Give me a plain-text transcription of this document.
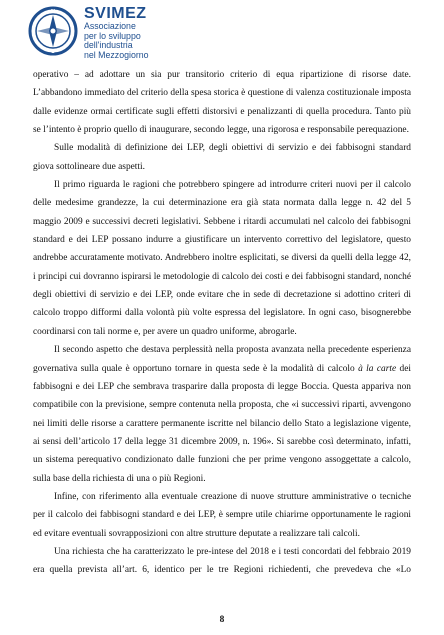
N
S
SVIMEZ
Associazione
per lo sviluppo
dell'industria
nel Mezzogiorno

operativo – ad adottare un sia pur transitorio criterio di equa ripartizione di risorse date. L’abbandono immediato del criterio della spesa storica è questione di valenza costituzionale imposta dalle evidenze ormai certificate sugli effetti distorsivi e penalizzanti di quella procedura. Tanto più se l’intento è proprio quello di inaugurare, secondo legge, una rigorosa e responsabile perequazione.

Sulle modalità di definizione dei LEP, degli obiettivi di servizio e dei fabbisogni standard giova sottolineare due aspetti.

Il primo riguarda le ragioni che potrebbero spingere ad introdurre criteri nuovi per il calcolo delle medesime grandezze, la cui determinazione era già stata normata dalla legge n. 42 del 5 maggio 2009 e successivi decreti legislativi. Sebbene i ritardi accumulati nel calcolo dei fabbisogni standard e dei LEP possano indurre a giustificare un intervento correttivo del legislatore, questo andrebbe accuratamente motivato. Andrebbero inoltre esplicitati, se diversi da quelli della legge 42, i principi cui dovranno ispirarsi le metodologie di calcolo dei costi e dei fabbisogni standard, nonché degli obiettivi di servizio e dei LEP, onde evitare che in sede di decretazione si adottino criteri di calcolo troppo difformi dalla volontà più volte espressa del legislatore. In ogni caso, bisognerebbe coordinarsi con tali norme e, per avere un quadro uniforme, abrogarle.

Il secondo aspetto che destava perplessità nella proposta avanzata nella precedente esperienza governativa sulla quale è opportuno tornare in questa sede è la modalità di calcolo à la carte dei fabbisogni e dei LEP che sembrava trasparire dalla proposta di legge Boccia. Questa appariva non compatibile con la previsione, sempre contenuta nella proposta, che «i successivi riparti, avvengono nei limiti delle risorse a carattere permanente iscritte nel bilancio dello Stato a legislazione vigente, ai sensi dell’articolo 17 della legge 31 dicembre 2009, n. 196». Si sarebbe così determinato, infatti, un sistema perequativo condizionato dalle funzioni che per prime vengono assoggettate a calcolo, sulla base della richiesta di una o più Regioni.

Infine, con riferimento alla eventuale creazione di nuove strutture amministrative o tecniche per il calcolo dei fabbisogni standard e dei LEP, è sempre utile chiarirne opportunamente le ragioni ed evitare eventuali sovrapposizioni con altre strutture deputate a realizzare tali calcoli.

Una richiesta che ha caratterizzato le pre-intese del 2018 e i testi concordati del febbraio 2019 era quella prevista all’art. 6, identico per le tre Regioni richiedenti, che prevedeva che «Lo

8
